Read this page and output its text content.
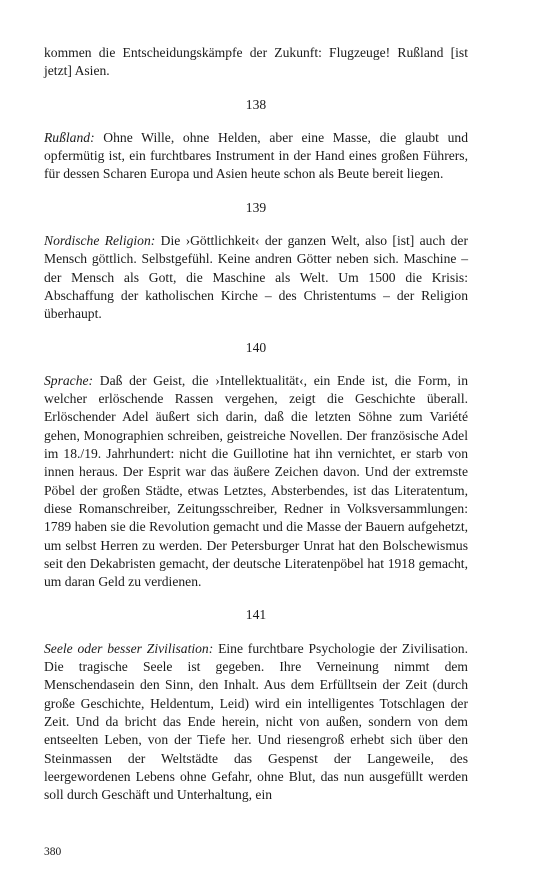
kommen die Entscheidungskämpfe der Zukunft: Flugzeuge! Rußland [ist jetzt] Asien.

138

Rußland: Ohne Wille, ohne Helden, aber eine Masse, die glaubt und opfermütig ist, ein furchtbares Instrument in der Hand eines großen Führers, für dessen Scharen Europa und Asien heute schon als Beute bereit liegen.

139

Nordische Religion: Die ›Göttlichkeit‹ der ganzen Welt, also [ist] auch der Mensch göttlich. Selbstgefühl. Keine andren Götter neben sich. Maschine – der Mensch als Gott, die Maschine als Welt. Um 1500 die Krisis: Abschaffung der katholischen Kirche – des Christentums – der Religion überhaupt.

140

Sprache: Daß der Geist, die ›Intellektualität‹, ein Ende ist, die Form, in welcher erlöschende Rassen vergehen, zeigt die Geschichte überall. Erlöschender Adel äußert sich darin, daß die letzten Söhne zum Variété gehen, Monographien schreiben, geistreiche Novellen. Der französische Adel im 18./19. Jahrhundert: nicht die Guillotine hat ihn vernichtet, er starb von innen heraus. Der Esprit war das äußere Zeichen davon. Und der extremste Pöbel der großen Städte, etwas Letztes, Absterbendes, ist das Literatentum, diese Romanschreiber, Zeitungsschreiber, Redner in Volksversammlungen: 1789 haben sie die Revolution gemacht und die Masse der Bauern aufgehetzt, um selbst Herren zu werden. Der Petersburger Unrat hat den Bolschewismus seit den Dekabristen gemacht, der deutsche Literatenpöbel hat 1918 gemacht, um daran Geld zu verdienen.

141

Seele oder besser Zivilisation: Eine furchtbare Psychologie der Zivilisation. Die tragische Seele ist gegeben. Ihre Verneinung nimmt dem Menschendasein den Sinn, den Inhalt. Aus dem Erfülltsein der Zeit (durch große Geschichte, Heldentum, Leid) wird ein intelligentes Totschlagen der Zeit. Und da bricht das Ende herein, nicht von außen, sondern von dem entseelten Leben, von der Tiefe her. Und riesengroß erhebt sich über den Steinmassen der Weltstädte das Gespenst der Langeweile, des leergewordenen Lebens ohne Gefahr, ohne Blut, das nun ausgefüllt werden soll durch Geschäft und Unterhaltung, ein

380
